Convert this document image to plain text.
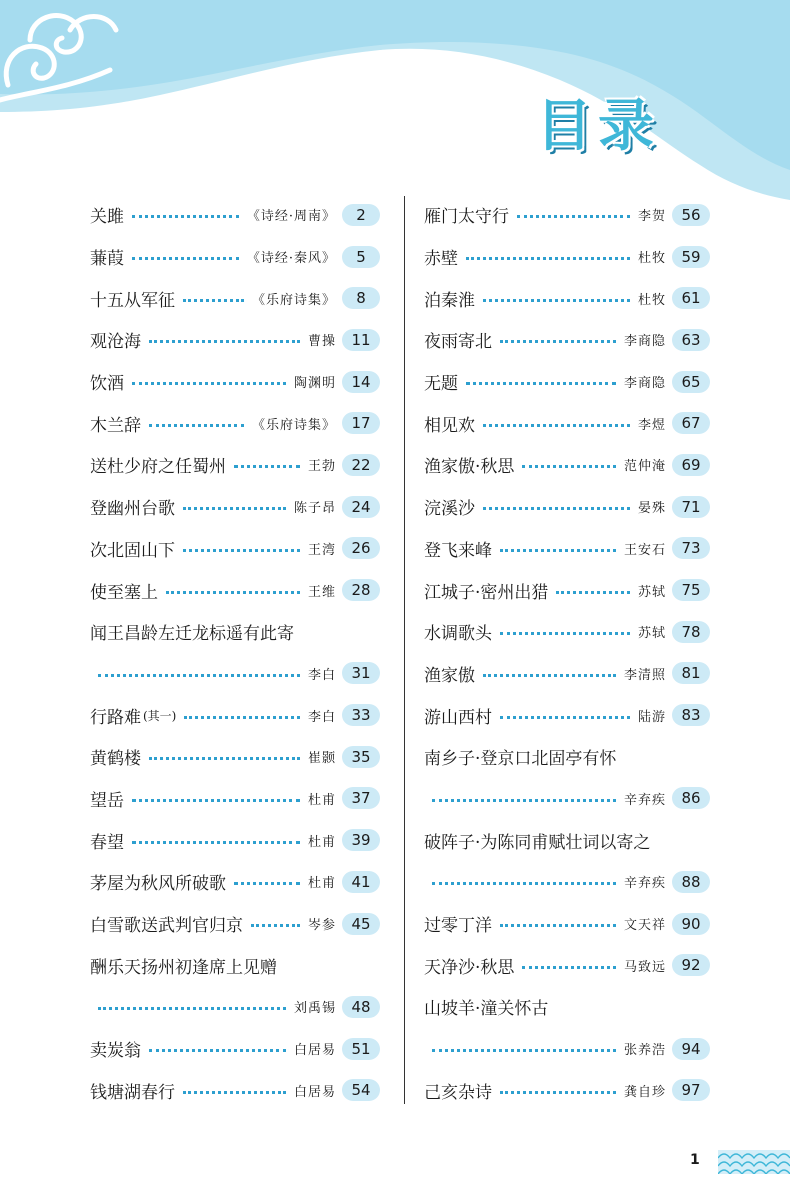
目录
关雎	《诗经·周南》	2
蒹葭	《诗经·秦风》	5
十五从军征	《乐府诗集》	8
观沧海	曹操	11
饮酒	陶渊明	14
木兰辞	《乐府诗集》	17
送杜少府之任蜀州	王勃	22
登幽州台歌	陈子昂	24
次北固山下	王湾	26
使至塞上	王维	28
闻王昌龄左迁龙标遥有此寄
李白	31
行路难 (其一)	李白	33
黄鹤楼	崔颢	35
望岳	杜甫	37
春望	杜甫	39
茅屋为秋风所破歌	杜甫	41
白雪歌送武判官归京	岑参	45
酬乐天扬州初逢席上见赠
刘禹锡	48
卖炭翁	白居易	51
钱塘湖春行	白居易	54
雁门太守行	李贺	56
赤壁	杜牧	59
泊秦淮	杜牧	61
夜雨寄北	李商隐	63
无题	李商隐	65
相见欢	李煜	67
渔家傲·秋思	范仲淹	69
浣溪沙	晏殊	71
登飞来峰	王安石	73
江城子·密州出猎	苏轼	75
水调歌头	苏轼	78
渔家傲	李清照	81
游山西村	陆游	83
南乡子·登京口北固亭有怀
辛弃疾	86
破阵子·为陈同甫赋壮词以寄之
辛弃疾	88
过零丁洋	文天祥	90
天净沙·秋思	马致远	92
山坡羊·潼关怀古
张养浩	94
己亥杂诗	龚自珍	97
1
